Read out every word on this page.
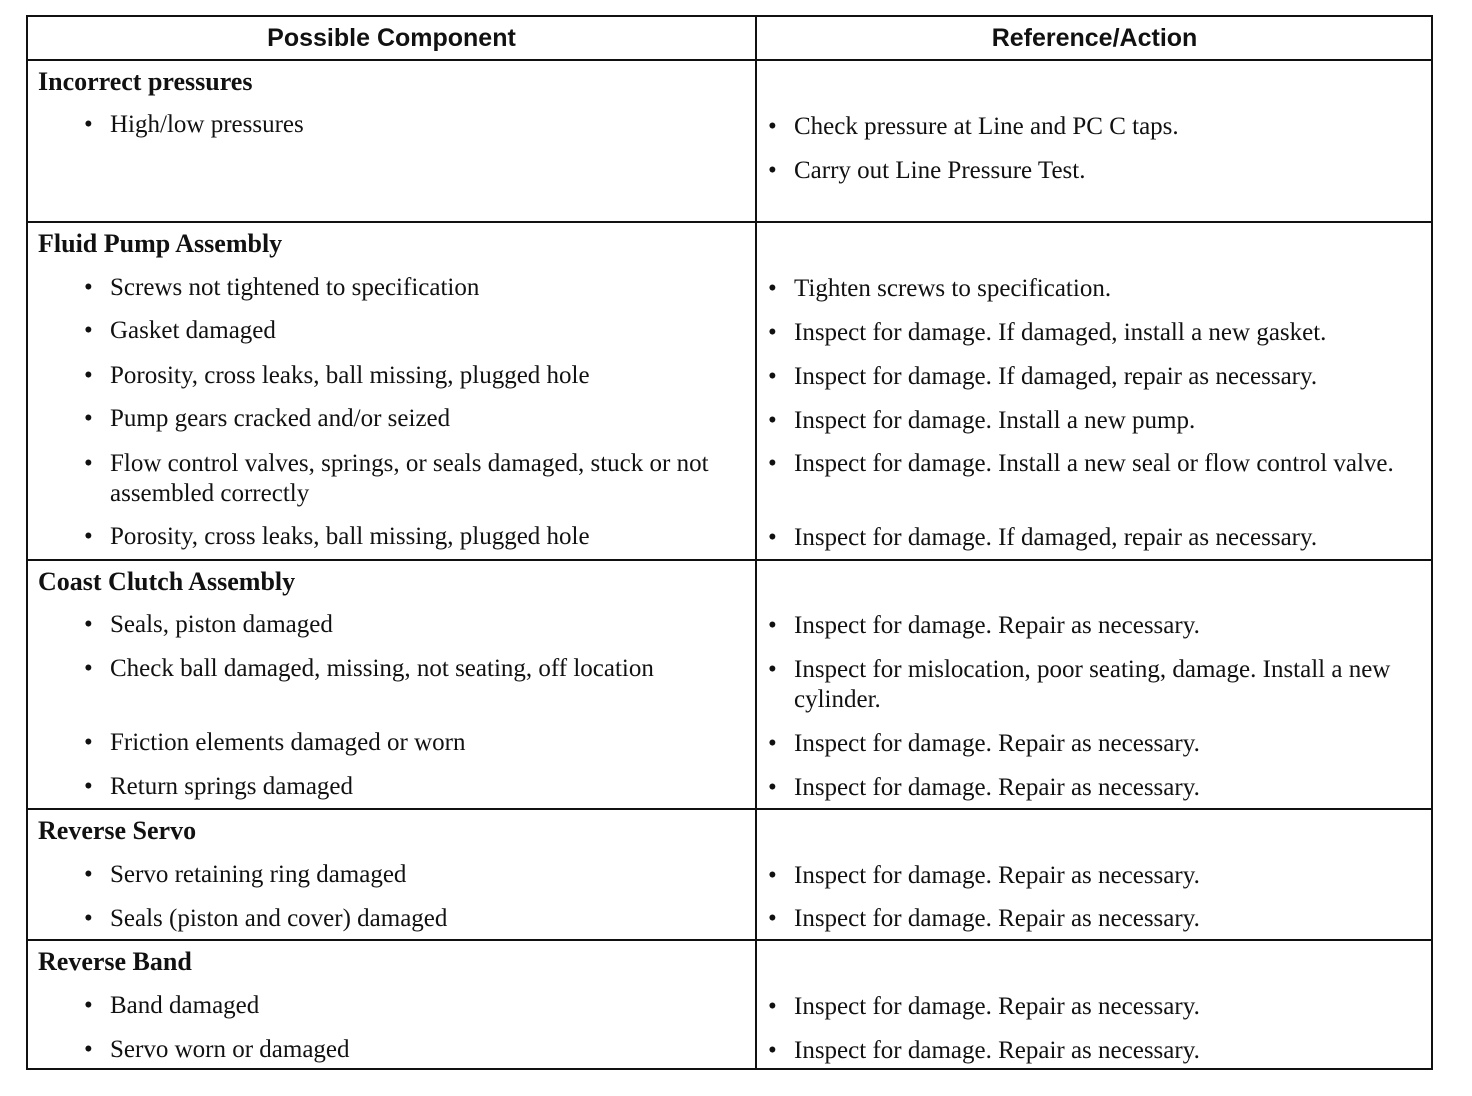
Possible Component	Reference/Action
Incorrect pressures
• High/low pressures	• Check pressure at Line and PC C taps.
• Carry out Line Pressure Test.
Fluid Pump Assembly
• Screws not tightened to specification
• Gasket damaged
• Porosity, cross leaks, ball missing, plugged hole
• Pump gears cracked and/or seized
• Flow control valves, springs, or seals damaged, stuck or not assembled correctly
• Porosity, cross leaks, ball missing, plugged hole
• Tighten screws to specification.
• Inspect for damage. If damaged, install a new gasket.
• Inspect for damage. If damaged, repair as necessary.
• Inspect for damage. Install a new pump.
• Inspect for damage. Install a new seal or flow control valve.
• Inspect for damage. If damaged, repair as necessary.
Coast Clutch Assembly
• Seals, piston damaged
• Check ball damaged, missing, not seating, off location
• Friction elements damaged or worn
• Return springs damaged
• Inspect for damage. Repair as necessary.
• Inspect for mislocation, poor seating, damage. Install a new cylinder.
• Inspect for damage. Repair as necessary.
• Inspect for damage. Repair as necessary.
Reverse Servo
• Servo retaining ring damaged
• Seals (piston and cover) damaged
• Inspect for damage. Repair as necessary.
• Inspect for damage. Repair as necessary.
Reverse Band
• Band damaged
• Servo worn or damaged
• Inspect for damage. Repair as necessary.
• Inspect for damage. Repair as necessary.
